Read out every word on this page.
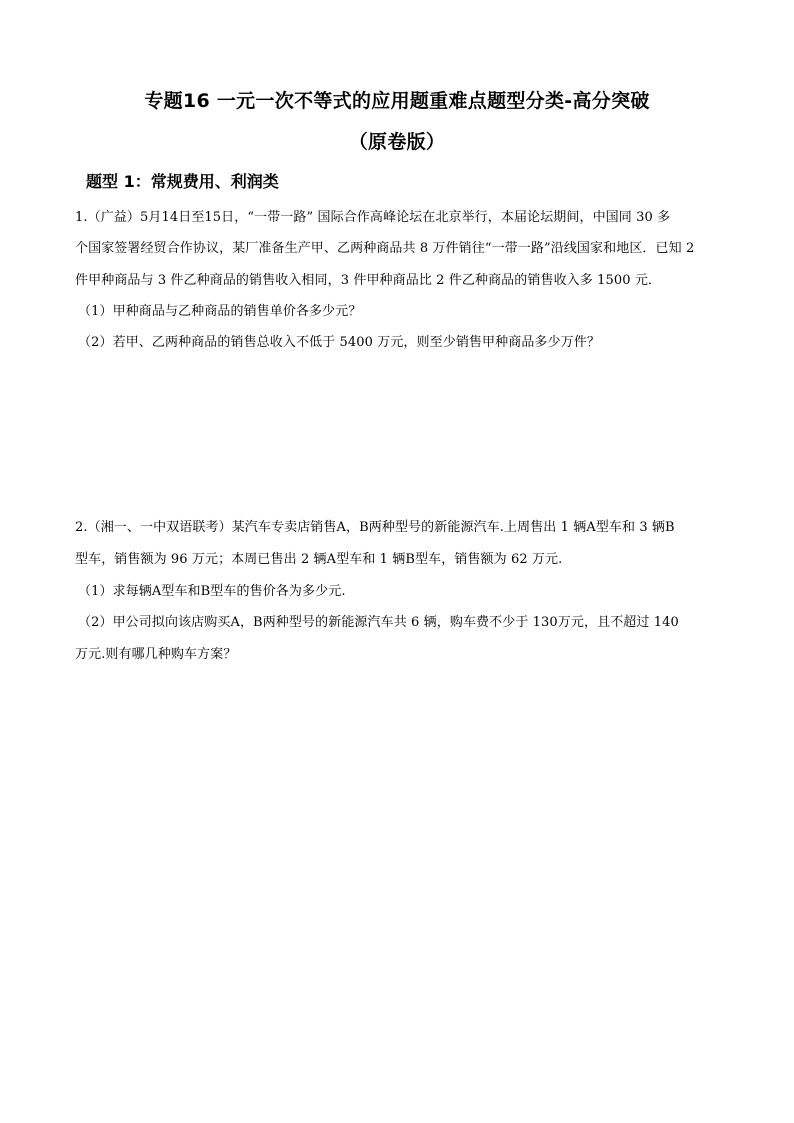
专题16 一元一次不等式的应用题重难点题型分类-高分突破
（原卷版）
题型 1：常规费用、利润类
1.（广益）5月14日至15日，“一带一路” 国际合作高峰论坛在北京举行，本届论坛期间，中国同 30 多
个国家签署经贸合作协议，某厂准备生产甲、乙两种商品共 8 万件销往“一带一路”沿线国家和地区．已知 2
件甲种商品与 3 件乙种商品的销售收入相同，3 件甲种商品比 2 件乙种商品的销售收入多 1500 元．
（1）甲种商品与乙种商品的销售单价各多少元？
（2）若甲、乙两种商品的销售总收入不低于 5400 万元，则至少销售甲种商品多少万件？
2.（湘一、一中双语联考）某汽车专卖店销售A，B两种型号的新能源汽车.上周售出 1 辆A型车和 3 辆B
型车，销售额为 96 万元；本周已售出 2 辆A型车和 1 辆B型车，销售额为 62 万元.
（1）求每辆A型车和B型车的售价各为多少元.
（2）甲公司拟向该店购买A，B两种型号的新能源汽车共 6 辆，购车费不少于 130万元，且不超过 140
万元.则有哪几种购车方案？
